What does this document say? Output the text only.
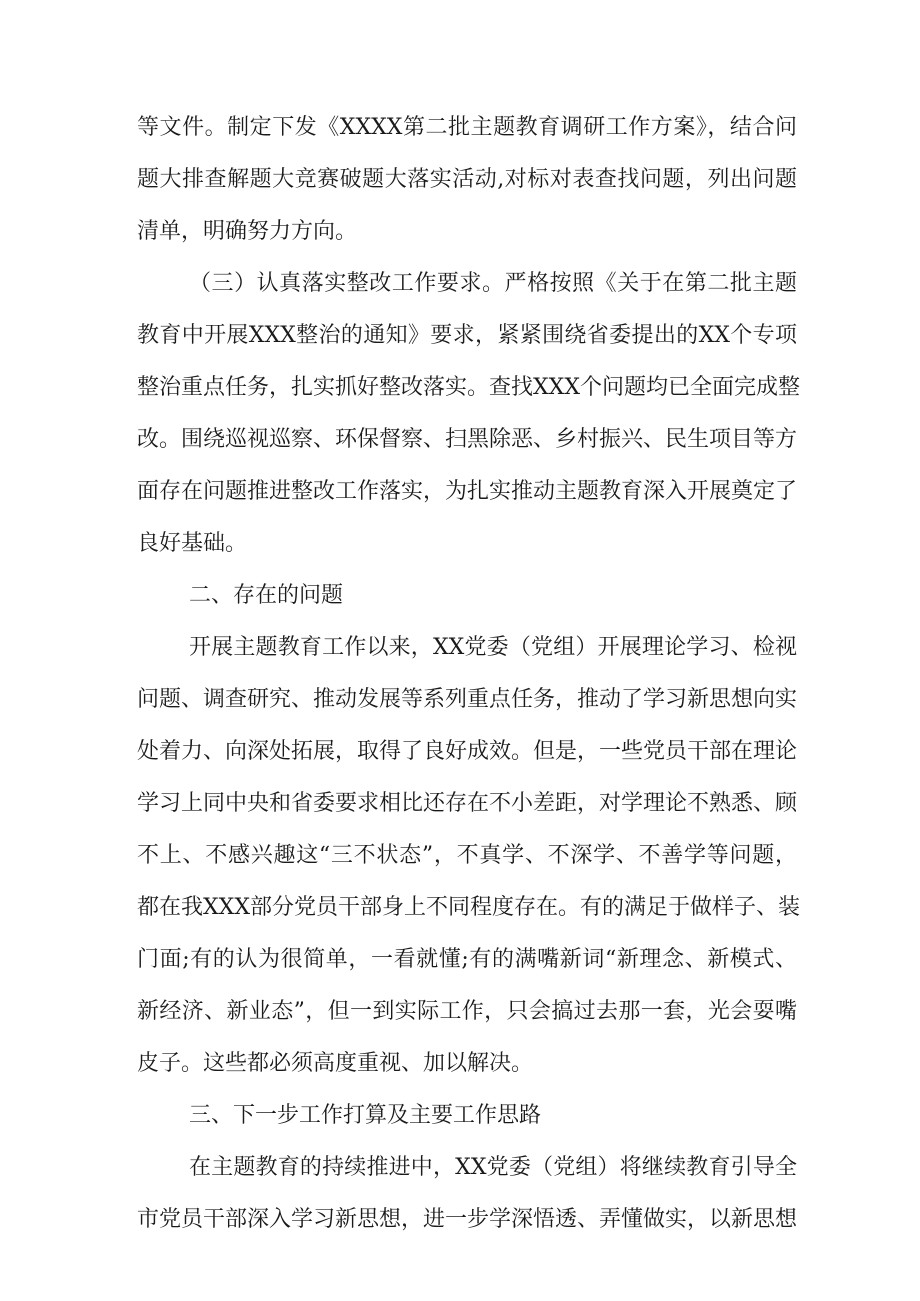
等文件。制定下发《XXXX第二批主题教育调研工作方案》，结合问
题大排查解题大竞赛破题大落实活动,对标对表查找问题，列出问题
清单，明确努力方向。
（三）认真落实整改工作要求。严格按照《关于在第二批主题
教育中开展XXX整治的通知》要求，紧紧围绕省委提出的XX个专项
整治重点任务，扎实抓好整改落实。查找XXX个问题均已全面完成整
改。围绕巡视巡察、环保督察、扫黑除恶、乡村振兴、民生项目等方
面存在问题推进整改工作落实，为扎实推动主题教育深入开展奠定了
良好基础。
二、存在的问题
开展主题教育工作以来，XX党委（党组）开展理论学习、检视
问题、调查研究、推动发展等系列重点任务，推动了学习新思想向实
处着力、向深处拓展，取得了良好成效。但是，一些党员干部在理论
学习上同中央和省委要求相比还存在不小差距，对学理论不熟悉、顾
不上、不感兴趣这“三不状态”，不真学、不深学、不善学等问题，
都在我XXX部分党员干部身上不同程度存在。有的满足于做样子、装
门面;有的认为很简单，一看就懂;有的满嘴新词“新理念、新模式、
新经济、新业态”，但一到实际工作，只会搞过去那一套，光会耍嘴
皮子。这些都必须高度重视、加以解决。
三、下一步工作打算及主要工作思路
在主题教育的持续推进中，XX党委（党组）将继续教育引导全
市党员干部深入学习新思想，进一步学深悟透、弄懂做实，以新思想
